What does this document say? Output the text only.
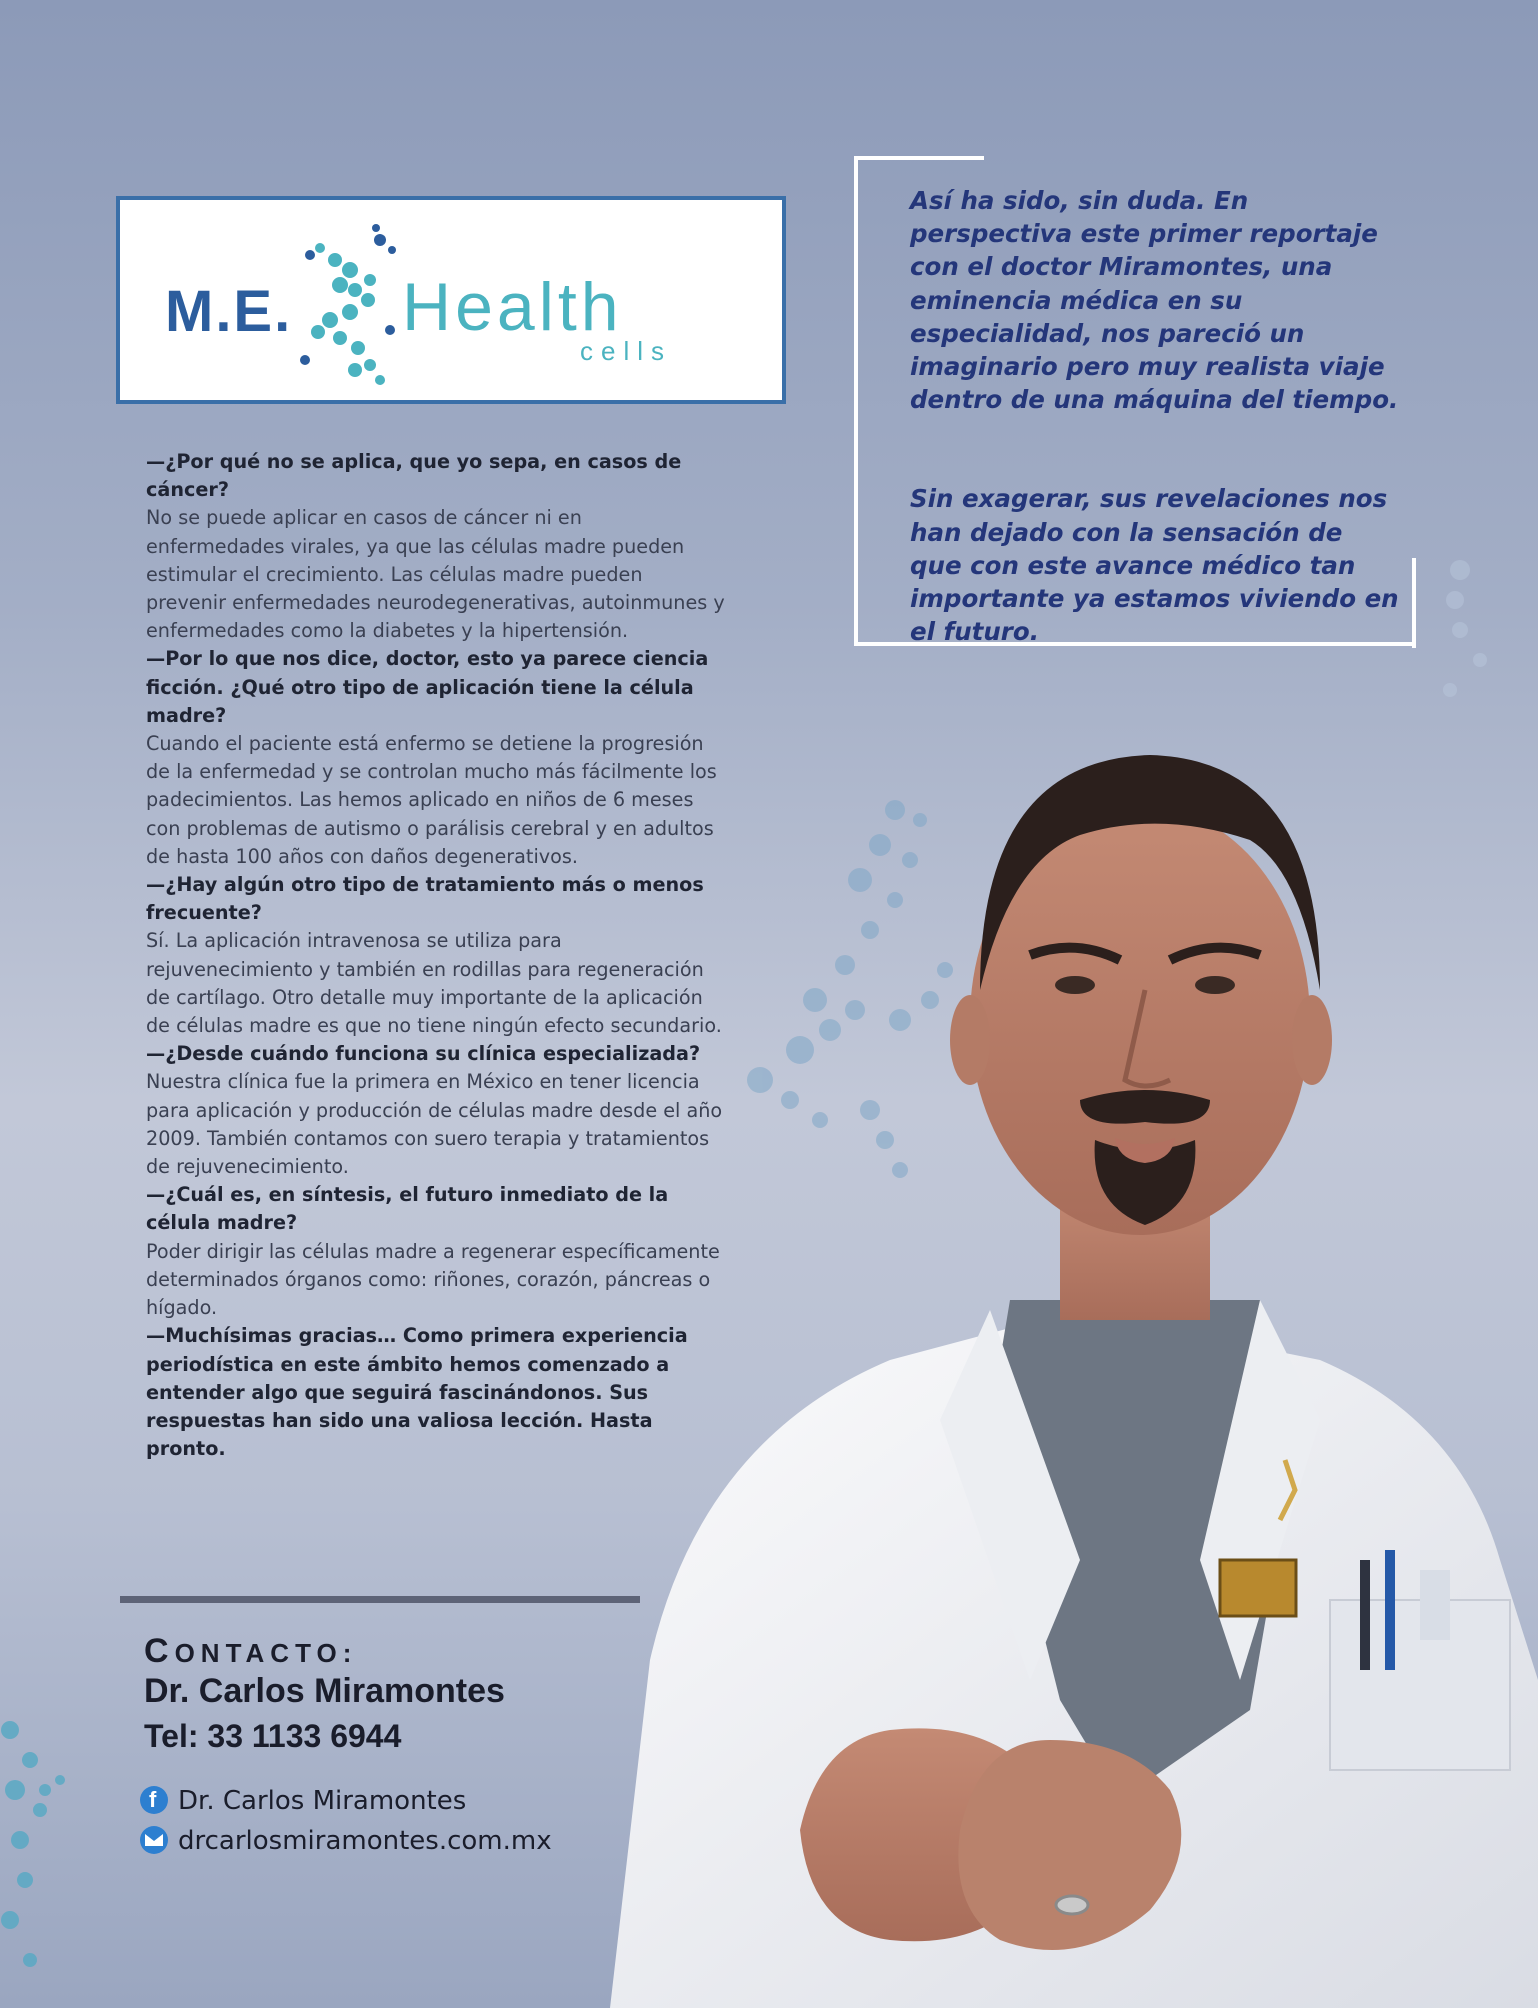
M.E. Health
cells

—¿Por qué no se aplica, que yo sepa, en casos de cáncer?

No se puede aplicar en casos de cáncer ni en enfermedades virales, ya que las células madre pueden estimular el crecimiento. Las células madre pueden prevenir enfermedades neurodegenerativas, autoinmunes y enfermedades como la diabetes y la hipertensión.

—Por lo que nos dice, doctor, esto ya parece ciencia ficción. ¿Qué otro tipo de aplicación tiene la célula madre?

Cuando el paciente está enfermo se detiene la progresión de la enfermedad y se controlan mucho más fácilmente los padecimientos. Las hemos aplicado en niños de 6 meses con problemas de autismo o parálisis cerebral y en adultos de hasta 100 años con daños degenerativos.

—¿Hay algún otro tipo de tratamiento más o menos frecuente?

Sí. La aplicación intravenosa se utiliza para rejuvenecimiento y también en rodillas para regeneración de cartílago. Otro detalle muy importante de la aplicación de células madre es que no tiene ningún efecto secundario.

—¿Desde cuándo funciona su clínica especializada?

Nuestra clínica fue la primera en México en tener licencia para aplicación y producción de células madre desde el año 2009. También contamos con suero terapia y tratamientos de rejuvenecimiento.

—¿Cuál es, en síntesis, el futuro inmediato de la célula madre?

Poder dirigir las células madre a regenerar específicamente determinados órganos como: riñones, corazón, páncreas o hígado.

—Muchísimas gracias… Como primera experiencia periodística en este ámbito hemos comenzado a entender algo que seguirá fascinándonos. Sus respuestas han sido una valiosa lección. Hasta pronto.

Así ha sido, sin duda. En perspectiva este primer reportaje con el doctor Miramontes, una eminencia médica en su especialidad, nos pareció un imaginario pero muy realista viaje dentro de una máquina del tiempo.

Sin exagerar, sus revelaciones nos han dejado con la sensación de que con este avance médico tan importante ya estamos viviendo en el futuro.

CONTACTO:
Dr. Carlos Miramontes
Tel: 33 1133 6944
f Dr. Carlos Miramontes
drcarlosmiramontes.com.mx
